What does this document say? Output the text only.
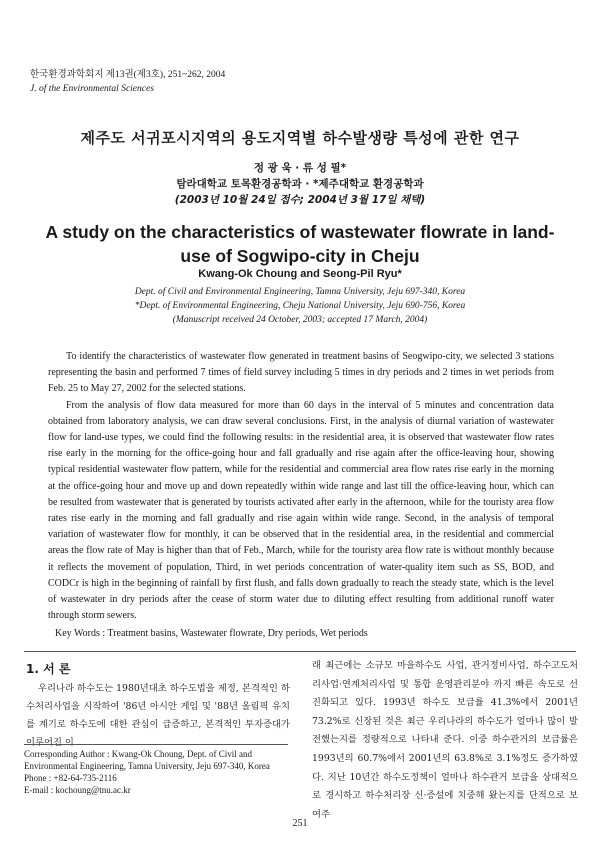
한국환경과학회지 제13권(제3호), 251~262, 2004
J. of the Environmental Sciences
제주도 서귀포시지역의 용도지역별 하수발생량 특성에 관한 연구
정 광 욱 · 류 성 필*
탐라대학교 토목환경공학과 · *제주대학교 환경공학과
(2003년 10월 24일 접수; 2004년 3월 17일 채택)
A study on the characteristics of wastewater flowrate in land-use of Sogwipo-city in Cheju
Kwang-Ok Choung and Seong-Pil Ryu*
Dept. of Civil and Environmental Engineering, Tamna University, Jeju 697-340, Korea
*Dept. of Environmental Engineering, Cheju National University, Jeju 690-756, Korea
(Manuscript received 24 October, 2003; accepted 17 March, 2004)

To identify the characteristics of wastewater flow generated in treatment basins of Seogwipo-city, we selected 3 stations representing the basin and performed 7 times of field survey including 5 times in dry periods and 2 times in wet periods from Feb. 25 to May 27, 2002 for the selected stations.

From the analysis of flow data measured for more than 60 days in the interval of 5 minutes and concentration data obtained from laboratory analysis, we can draw several conclusions. First, in the analysis of diurnal variation of wastewater flow for land-use types, we could find the following results: in the residential area, it is observed that wastewater flow rates rise early in the morning for the office-going hour and fall gradually and rise again after the office-leaving hour, showing typical residential wastewater flow pattern, while for the residential and commercial area flow rates rise early in the morning at the office-going hour and move up and down repeatedly within wide range and last till the office-leaving hour, which can be resulted from wastewater that is generated by tourists activated after early in the afternoon, while for the touristy area flow rates rise early in the morning and fall gradually and rise again within wide range. Second, in the analysis of temporal variation of wastewater flow for monthly, it can be observed that in the residential area, in the residential and commercial areas the flow rate of May is higher than that of Feb., March, while for the touristy area flow rate is without monthly because it reflects the movement of population, Third, in wet periods concentration of water-quality item such as SS, BOD, and CODCr is high in the beginning of rainfall by first flush, and falls down gradually to reach the steady state, which is the level of wastewater in dry periods after the cease of storm water due to diluting effect resulting from additional runoff water through storm sewers.

Key Words : Treatment basins, Wastewater flowrate, Dry periods, Wet periods
1. 서 론

우리나라 하수도는 1980년대초 하수도법을 제정, 본격적인 하수처리사업을 시작하여 '86년 아시안 게임 및 '88년 올림픽 유치를 계기로 하수도에 대한 관심이 급증하고, 본격적인 투자증대가 이루어진 이

래 최근에는 소규모 마을하수도 사업, 관거정비사업, 하수고도처리사업·연계처리사업 및 통합 운영관리분야 까지 빠른 속도로 선진화되고 있다. 1993년 하수도 보급률 41.3%에서 2001년 73.2%로 신장된 것은 최근 우리나라의 하수도가 얼마나 많이 발전했는지를 정량적으로 나타내 준다. 이중 하수관거의 보급률은 1993년의 60.7%에서 2001년의 63.8%로 3.1%정도 증가하였다. 지난 10년간 하수도정책이 얼마나 하수관거 보급을 상대적으로 경시하고 하수처리장 신·증설에 치중해 왔는지를 단적으로 보여주

Corresponding Author : Kwang-Ok Choung, Dept. of Civil and Environmental Engineering, Tamna University, Jeju 697-340, Korea
Phone : +82-64-735-2116
E-mail : kochoung@tnu.ac.kr
251
